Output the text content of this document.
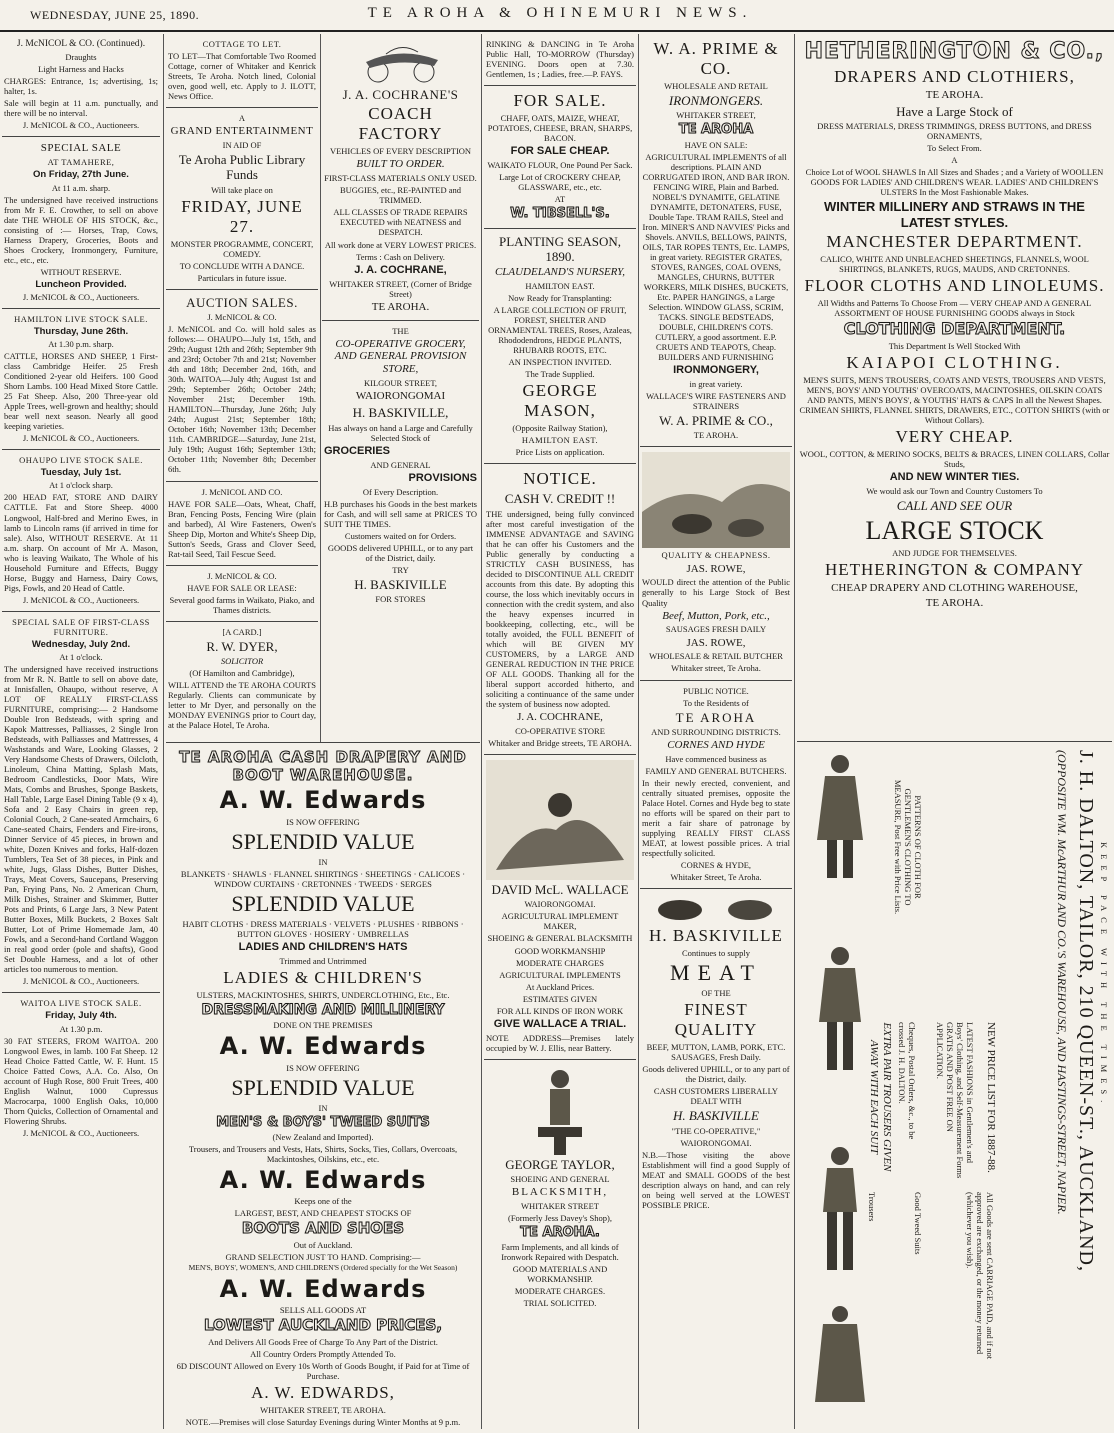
WEDNESDAY, JUNE 25, 1890.	TE AROHA & OHINEMURI NEWS.

J. McNICOL & CO. (Continued).

Draughts

Light Harness and Hacks

CHARGES: Entrance, 1s; advertising, 1s; halter, 1s.

Sale will begin at 11 a.m. punctually, and there will be no interval.

J. McNICOL & CO., Auctioneers.

SPECIAL SALE

AT TAMAHERE,

On Friday, 27th June.

At 11 a.m. sharp.

The undersigned have received instructions from Mr F. E. Crowther, to sell on above date THE WHOLE OF HIS STOCK, &c., consisting of :— Horses, Trap, Cows, Harness Drapery, Groceries, Boots and Shoes Crockery, Ironmongery, Furniture, etc., etc., etc.

WITHOUT RESERVE.

Luncheon Provided.

J. McNICOL & CO., Auctioneers.

HAMILTON LIVE STOCK SALE.

Thursday, June 26th.

At 1.30 p.m. sharp.

CATTLE, HORSES AND SHEEP, 1 First-class Cambridge Heifer. 25 Fresh Conditioned 2-year old Heifers. 100 Good Shorn Lambs. 100 Head Mixed Store Cattle. 25 Fat Sheep. Also, 200 Three-year old Apple Trees, well-grown and healthy; should bear well next season. Nearly all good keeping varieties.

J. McNICOL & CO., Auctioneers.

OHAUPO LIVE STOCK SALE.

Tuesday, July 1st.

At 1 o'clock sharp.

200 HEAD FAT, STORE AND DAIRY CATTLE. Fat and Store Sheep. 4000 Longwool, Half-bred and Merino Ewes, in lamb to Lincoln rams (if arrived in time for sale). Also, WITHOUT RESERVE. At 11 a.m. sharp. On account of Mr A. Mason, who is leaving Waikato, The Whole of his Household Furniture and Effects, Buggy Horse, Buggy and Harness, Dairy Cows, Pigs, Fowls, and 20 Head of Cattle.

J. McNICOL & CO., Auctioneers.

SPECIAL SALE OF FIRST-CLASS FURNITURE.

Wednesday, July 2nd.

At 1 o'clock.

The undersigned have received instructions from Mr R. N. Battle to sell on above date, at Innisfallen, Ohaupo, without reserve, A LOT OF REALLY FIRST-CLASS FURNITURE, comprising:— 2 Handsome Double Iron Bedsteads, with spring and Kapok Mattresses, Palliasses, 2 Single Iron Bedsteads, with Palliasses and Mattresses, 4 Washstands and Ware, Looking Glasses, 2 Very Handsome Chests of Drawers, Oilcloth, Linoleum, China Matting, Splash Mats, Bedroom Candlesticks, Door Mats, Wire Mats, Combs and Brushes, Sponge Baskets, Hall Table, Large Easel Dining Table (9 x 4), Sofa and 2 Easy Chairs in green rep, Colonial Couch, 2 Cane-seated Armchairs, 6 Cane-seated Chairs, Fenders and Fire-irons, Dinner Service of 45 pieces, in brown and white, Dozen Knives and forks, Half-dozen Tumblers, Tea Set of 38 pieces, in Pink and white, Jugs, Glass Dishes, Butter Dishes, Trays, Meat Covers, Saucepans, Preserving Pan, Frying Pans, No. 2 American Churn, Milk Dishes, Strainer and Skimmer, Butter Pots and Prints, 6 Large Jars, 3 New Patent Butter Boxes, Milk Buckets, 2 Boxes Salt Butter, Lot of Prime Homemade Jam, 40 Fowls, and a Second-hand Cortland Waggon in real good order (pole and shafts), Good Set Double Harness, and a lot of other articles too numerous to mention.

J. McNICOL & CO., Auctioneers.

WAITOA LIVE STOCK SALE.

Friday, July 4th.

At 1.30 p.m.

30 FAT STEERS, FROM WAITOA. 200 Longwool Ewes, in lamb. 100 Fat Sheep. 12 Head Choice Fatted Cattle, W. F. Hunt. 15 Choice Fatted Cows, A.A. Co. Also, On account of Hugh Rose, 800 Fruit Trees, 400 English Walnut, 1000 Cupressus Macrocarpa, 1000 English Oaks, 10,000 Thorn Quicks, Collection of Ornamental and Flowering Shrubs.

J. McNICOL & CO., Auctioneers.

COTTAGE TO LET.

TO LET—That Comfortable Two Roomed Cottage, corner of Whitaker and Kenrick Streets, Te Aroha. Notch lined, Colonial oven, good well, etc. Apply to J. ILOTT, News Office.

A

GRAND ENTERTAINMENT

IN AID OF

Te Aroha Public Library Funds

Will take place on

FRIDAY, JUNE 27.

MONSTER PROGRAMME, CONCERT, COMEDY.

TO CONCLUDE WITH A DANCE.

Particulars in future issue.

AUCTION SALES.

J. McNICOL & CO.

J. McNICOL and Co. will hold sales as follows:— OHAUPO—July 1st, 15th, and 29th; August 12th and 26th; September 9th and 23rd; October 7th and 21st; November 4th and 18th; December 2nd, 16th, and 30th. WAITOA—July 4th; August 1st and 29th; September 26th; October 24th; November 21st; December 19th. HAMILTON—Thursday, June 26th; July 24th; August 21st; September 18th; October 16th; November 13th; December 11th. CAMBRIDGE—Saturday, June 21st, July 19th; August 16th; September 13th; October 11th; November 8th; December 6th.

J. McNICOL AND CO.

HAVE FOR SALE—Oats, Wheat, Chaff, Bran, Fencing Posts, Fencing Wire (plain and barbed), Al Wire Fasteners, Owen's Sheep Dip, Morton and White's Sheep Dip, Sutton's Seeds, Grass and Clover Seed, Rat-tail Seed, Tail Fescue Seed.

J. McNICOL & CO.

HAVE FOR SALE OR LEASE:

Several good farms in Waikato, Piako, and Thames districts.

[A CARD.]

R. W. DYER,

SOLICITOR

(Of Hamilton and Cambridge),

WILL ATTEND the TE AROHA COURTS Regularly. Clients can communicate by letter to Mr Dyer, and personally on the MONDAY EVENINGS prior to Court day, at the Palace Hotel, Te Aroha.

J. A. COCHRANE'S

COACH FACTORY

VEHICLES OF EVERY DESCRIPTION

BUILT TO ORDER.

FIRST-CLASS MATERIALS ONLY USED.

BUGGIES, etc., RE-PAINTED and TRIMMED.

ALL CLASSES OF TRADE REPAIRS EXECUTED with NEATNESS and DESPATCH.

All work done at VERY LOWEST PRICES.

Terms : Cash on Delivery.

J. A. COCHRANE,

WHITAKER STREET, (Corner of Bridge Street)

TE AROHA.

THE

CO-OPERATIVE GROCERY, AND GENERAL PROVISION STORE,

KILGOUR STREET,

WAIORONGOMAI

H. BASKIVILLE,

Has always on hand a Large and Carefully Selected Stock of

GROCERIES

AND GENERAL

PROVISIONS

Of Every Description.

H.B purchases his Goods in the best markets for Cash, and will sell same at PRICES TO SUIT THE TIMES.

Customers waited on for Orders.

GOODS delivered UPHILL, or to any part of the District, daily.

TRY

H. BASKIVILLE

FOR STORES

TE AROHA CASH DRAPERY AND BOOT WAREHOUSE.

A. W. Edwards

IS NOW OFFERING

SPLENDID VALUE

IN

BLANKETS · SHAWLS · FLANNEL SHIRTINGS · SHEETINGS · CALICOES · WINDOW CURTAINS · CRETONNES · TWEEDS · SERGES

SPLENDID VALUE

HABIT CLOTHS · DRESS MATERIALS · VELVETS · PLUSHES · RIBBONS · BUTTON GLOVES · HOSIERY · UMBRELLAS

LADIES AND CHILDREN'S HATS

Trimmed and Untrimmed

LADIES & CHILDREN'S

ULSTERS, MACKINTOSHES, SHIRTS, UNDERCLOTHING, Etc., Etc.

DRESSMAKING AND MILLINERY

DONE ON THE PREMISES

A. W. Edwards

IS NOW OFFERING

SPLENDID VALUE

IN

MEN'S & BOYS' TWEED SUITS

(New Zealand and Imported).

Trousers, and Trousers and Vests, Hats, Shirts, Socks, Ties, Collars, Overcoats, Mackintoshes, Oilskins, etc., etc.

A. W. Edwards

Keeps one of the

LARGEST, BEST, AND CHEAPEST STOCKS OF

BOOTS AND SHOES

Out of Auckland.

GRAND SELECTION JUST TO HAND. Comprising:—

MEN'S, BOYS', WOMEN'S, AND CHILDREN'S (Ordered specially for the Wet Season)

A. W. Edwards

SELLS ALL GOODS AT

LOWEST AUCKLAND PRICES,

And Delivers All Goods Free of Charge To Any Part of the District.

All Country Orders Promptly Attended To.

6D DISCOUNT Allowed on Every 10s Worth of Goods Bought, if Paid for at Time of Purchase.

A. W. EDWARDS,

WHITAKER STREET, TE AROHA.

NOTE.—Premises will close Saturday Evenings during Winter Months at 9 p.m.

RINKING & DANCING in Te Aroha Public Hall, TO-MORROW (Thursday) EVENING. Doors open at 7.30. Gentlemen, 1s ; Ladies, free.—P. FAYS.

FOR SALE.

CHAFF, OATS, MAIZE, WHEAT, POTATOES, CHEESE, BRAN, SHARPS, BACON.

FOR SALE CHEAP.

WAIKATO FLOUR, One Pound Per Sack.

Large Lot of CROCKERY CHEAP, GLASSWARE, etc., etc.

AT

W. TIBSELL'S.

PLANTING SEASON, 1890.

CLAUDELAND'S NURSERY,

HAMILTON EAST.

Now Ready for Transplanting:

A LARGE COLLECTION OF FRUIT, FOREST, SHELTER AND ORNAMENTAL TREES, Roses, Azaleas, Rhododendrons, HEDGE PLANTS, RHUBARB ROOTS, ETC.

AN INSPECTION INVITED.

The Trade Supplied.

GEORGE MASON,

(Opposite Railway Station),

HAMILTON EAST.

Price Lists on application.

NOTICE.

CASH V. CREDIT !!

THE undersigned, being fully convinced after most careful investigation of the IMMENSE ADVANTAGE and SAVING that he can offer his Customers and the Public generally by conducting a STRICTLY CASH BUSINESS, has decided to DISCONTINUE ALL CREDIT accounts from this date. By adopting this course, the loss which inevitably occurs in connection with the credit system, and also the heavy expenses incurred in bookkeeping, collecting, etc., will be totally avoided, the FULL BENEFIT of which will BE GIVEN MY CUSTOMERS, by a LARGE AND GENERAL REDUCTION IN THE PRICE OF ALL GOODS. Thanking all for the liberal support accorded hitherto, and soliciting a continuance of the same under the system of business now adopted.

J. A. COCHRANE,

CO-OPERATIVE STORE

Whitaker and Bridge streets, TE AROHA.

DAVID McL. WALLACE

WAIORONGOMAI.

AGRICULTURAL IMPLEMENT MAKER,

SHOEING & GENERAL BLACKSMITH

GOOD WORKMANSHIP

MODERATE CHARGES

AGRICULTURAL IMPLEMENTS

At Auckland Prices.

ESTIMATES GIVEN

FOR ALL KINDS OF IRON WORK

GIVE WALLACE A TRIAL.

NOTE ADDRESS—Premises lately occupied by W. J. Ellis, near Battery.

GEORGE TAYLOR,

SHOEING AND GENERAL

BLACKSMITH,

WHITAKER STREET

(Formerly Jess Davey's Shop),

TE AROHA.

Farm Implements, and all kinds of Ironwork Repaired with Despatch.

GOOD MATERIALS AND WORKMANSHIP.

MODERATE CHARGES.

TRIAL SOLICITED.

W. A. PRIME & CO.

WHOLESALE AND RETAIL

IRONMONGERS.

WHITAKER STREET,

TE AROHA

HAVE ON SALE:

AGRICULTURAL IMPLEMENTS of all descriptions. PLAIN AND CORRUGATED IRON, AND BAR IRON. FENCING WIRE, Plain and Barbed. NOBEL'S DYNAMITE, GELATINE DYNAMITE, DETONATERS, FUSE, Double Tape. TRAM RAILS, Steel and Iron. MINER'S AND NAVVIES' Picks and Shovels. ANVILS, BELLOWS, PAINTS, OILS, TAR ROPES TENTS, Etc. LAMPS, in great variety. REGISTER GRATES, STOVES, RANGES, COAL OVENS, MANGLES, CHURNS, BUTTER WORKERS, MILK DISHES, BUCKETS, Etc. PAPER HANGINGS, a Large Selection. WINDOW GLASS, SCRIM, TACKS. SINGLE BEDSTEADS, DOUBLE, CHILDREN'S COTS. CUTLERY, a good assortment. E.P. CRUETS AND TEAPOTS, Cheap. BUILDERS AND FURNISHING

IRONMONGERY,

in great variety.

WALLACE'S WIRE FASTENERS AND STRAINERS

W. A. PRIME & CO.,

TE AROHA.

QUALITY & CHEAPNESS.

JAS. ROWE,

WOULD direct the attention of the Public generally to his Large Stock of Best Quality

Beef, Mutton, Pork, etc.,

SAUSAGES FRESH DAILY

JAS. ROWE,

WHOLESALE & RETAIL BUTCHER

Whitaker street, Te Aroha.

PUBLIC NOTICE.

To the Residents of

TE AROHA

AND SURROUNDING DISTRICTS.

CORNES AND HYDE

Have commenced business as

FAMILY AND GENERAL BUTCHERS.

In their newly erected, convenient, and centrally situated premises, opposite the Palace Hotel. Cornes and Hyde beg to state no efforts will be spared on their part to merit a fair share of patronage by supplying REALLY FIRST CLASS MEAT, at lowest possible prices. A trial respectfully solicited.

CORNES & HYDE,

Whitaker Street, Te Aroha.

H. BASKIVILLE

Continues to supply

MEAT

OF THE

FINEST QUALITY

BEEF, MUTTON, LAMB, PORK, ETC. SAUSAGES, Fresh Daily.

Goods delivered UPHILL, or to any part of the District, daily.

CASH CUSTOMERS LIBERALLY DEALT WITH

H. BASKIVILLE

"THE CO-OPERATIVE,"

WAIORONGOMAI.

N.B.—Those visiting the above Establishment will find a good Supply of MEAT and SMALL GOODS of the best description always on hand, and can rely on being well served at the LOWEST POSSIBLE PRICE.

HETHERINGTON & CO.,

DRAPERS AND CLOTHIERS,

TE AROHA.

Have a Large Stock of

DRESS MATERIALS, DRESS TRIMMINGS, DRESS BUTTONS, and DRESS ORNAMENTS,

To Select From.

A

Choice Lot of WOOL SHAWLS In All Sizes and Shades ; and a Variety of WOOLLEN GOODS FOR LADIES' AND CHILDREN'S WEAR. LADIES' AND CHILDREN'S ULSTERS In the Most Fashionable Makes.

WINTER MILLINERY AND STRAWS IN THE LATEST STYLES.

MANCHESTER DEPARTMENT.

CALICO, WHITE AND UNBLEACHED SHEETINGS, FLANNELS, WOOL SHIRTINGS, BLANKETS, RUGS, MAUDS, AND CRETONNES.

FLOOR CLOTHS AND LINOLEUMS.

All Widths and Patterns To Choose From — VERY CHEAP AND A GENERAL ASSORTMENT OF HOUSE FURNISHING GOODS always in Stock

CLOTHING DEPARTMENT.

This Department Is Well Stocked With

KAIAPOI CLOTHING.

MEN'S SUITS, MEN'S TROUSERS, COATS AND VESTS, TROUSERS AND VESTS, MEN'S, BOYS' AND YOUTHS' OVERCOATS, MACINTOSHES, OILSKIN COATS AND PANTS, MEN'S BOYS', & YOUTHS' HATS & CAPS In all the Newest Shapes. CRIMEAN SHIRTS, FLANNEL SHIRTS, DRAWERS, ETC., COTTON SHIRTS (with or Without Collars).

VERY CHEAP.

WOOL, COTTON, & MERINO SOCKS, BELTS & BRACES, LINEN COLLARS, Collar Studs,

AND NEW WINTER TIES.

We would ask our Town and Country Customers To

CALL AND SEE OUR

LARGE STOCK

AND JUDGE FOR THEMSELVES.

HETHERINGTON & COMPANY

CHEAP DRAPERY AND CLOTHING WAREHOUSE,

TE AROHA.

J. H. DALTON, TAILOR, 210 QUEEN-ST., AUCKLAND,
(OPPOSITE WM. McARTHUR AND CO.'S WAREHOUSE, AND HASTINGS-STREET, NAPIER.	KEEP PACE WITH THE TIMES.
PATTERNS OF CLOTH FOR GENTLEMEN'S CLOTHING TO MEASURE, Post Free with Price Lists.
NEW PRICE LIST FOR 1887-88.
LATEST FASHIONS in Gentlemen's and Boys' Clothing, and Self-Measurement Forms GRATIS AND POST FREE ON APPLICATION.
Cheques, Postal Orders, &c., to be crossed J. H. DALTON.
EXTRA PAIR TROUSERS GIVEN AWAY WITH EACH SUIT
All Goods are sent CARRIAGE PAID, and if not approved are exchanged, or the money returned (whichever you wish).
Good Tweed Suits
Trousers
